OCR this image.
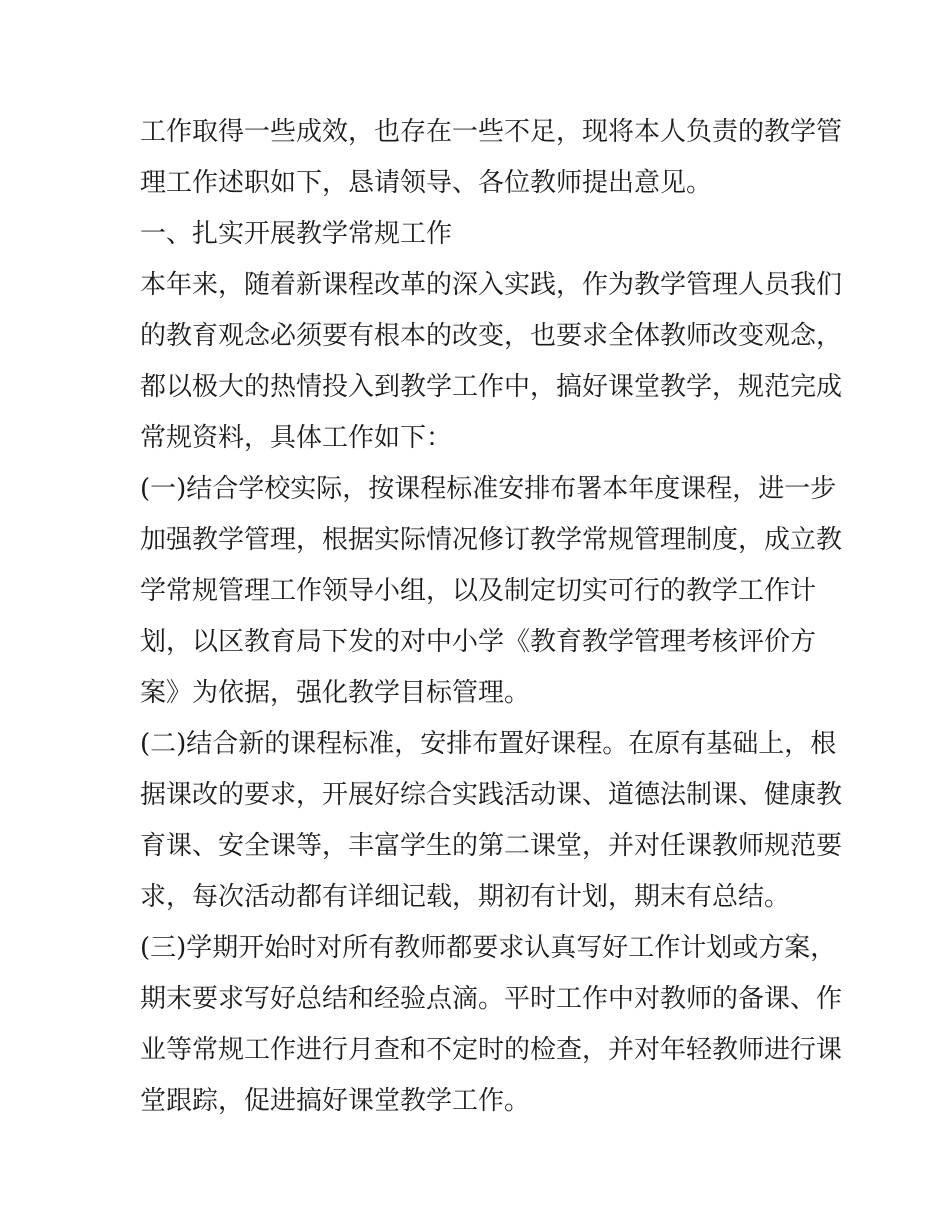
工作取得一些成效，也存在一些不足，现将本人负责的教学管
理工作述职如下，恳请领导、各位教师提出意见。
一、扎实开展教学常规工作
本年来，随着新课程改革的深入实践，作为教学管理人员我们
的教育观念必须要有根本的改变，也要求全体教师改变观念，
都以极大的热情投入到教学工作中，搞好课堂教学，规范完成
常规资料，具体工作如下：
(一)结合学校实际，按课程标准安排布署本年度课程，进一步
加强教学管理，根据实际情况修订教学常规管理制度，成立教
学常规管理工作领导小组，以及制定切实可行的教学工作计
划，以区教育局下发的对中小学《教育教学管理考核评价方
案》为依据，强化教学目标管理。
(二)结合新的课程标准，安排布置好课程。在原有基础上，根
据课改的要求，开展好综合实践活动课、道德法制课、健康教
育课、安全课等，丰富学生的第二课堂，并对任课教师规范要
求，每次活动都有详细记载，期初有计划，期末有总结。
(三)学期开始时对所有教师都要求认真写好工作计划或方案，
期末要求写好总结和经验点滴。平时工作中对教师的备课、作
业等常规工作进行月查和不定时的检查，并对年轻教师进行课
堂跟踪，促进搞好课堂教学工作。
